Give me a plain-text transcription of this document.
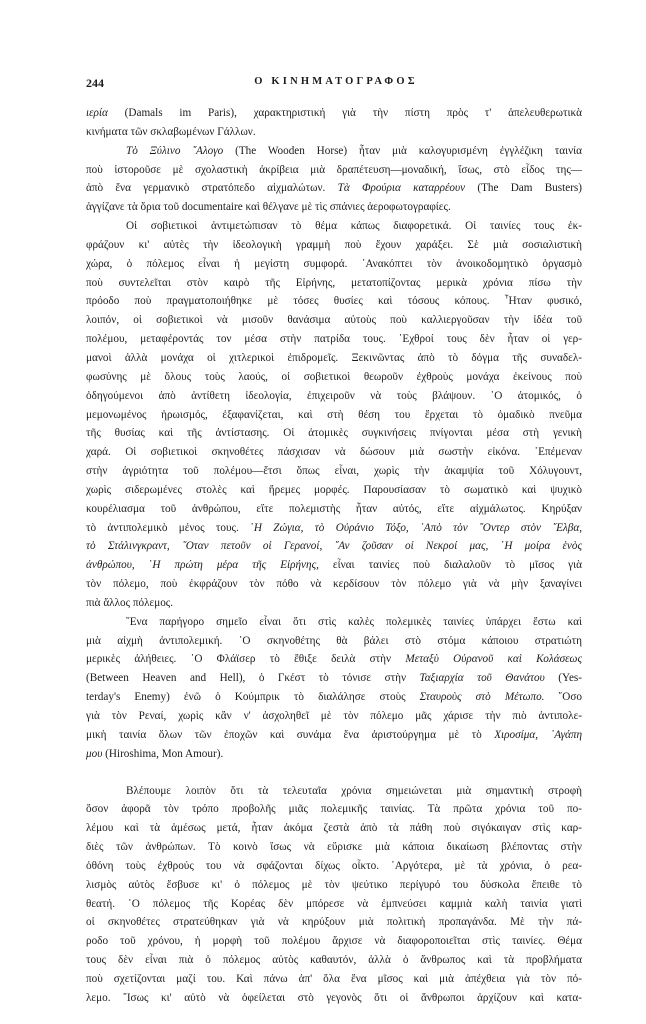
244	Ο ΚΙΝΗΜΑΤΟΓΡΑΦΟΣ
ιερία (Damals im Paris), χαρακτηριστική γιὰ τὴν πίστη πρὸς τ' ἀπελευθερωτικὰ
κινήματα τῶν σκλαβωμένων Γάλλων.
Τὸ Ξύλινο ῎Αλογο (The Wooden Horse) ἦταν μιὰ καλογυρισμένη ἐγγλέζικη ταινία
ποὺ ἱστοροῦσε μὲ σχολαστικὴ ἀκρίβεια μιὰ δραπέτευση—μοναδική, ἴσως, στὸ εἶδος της—
ἀπὸ ἕνα γερμανικὸ στρατόπεδο αἰχμαλώτων. Τὰ Φρούρια καταρρέουν (The Dam Busters)
ἀγγίζανε τὰ ὅρια τοῦ documentaire καὶ θέλγανε μὲ τὶς σπάνιες ἀεροφωτογραφίες.
Οἱ σοβιετικοὶ ἀντιμετώπισαν τὸ θέμα κάπως διαφορετικά. Οἱ ταινίες τους ἐκ-
φράζουν κι' αὐτὲς τὴν ἰδεολογικὴ γραμμὴ ποὺ ἔχουν χαράξει. Σὲ μιὰ σοσιαλιστικὴ
χώρα, ὁ πόλεμος εἶναι ἡ μεγίστη συμφορά. ᾿Ανακόπτει τὸν ἀνοικοδομητικὸ ὀργασμὸ
ποὺ συντελεῖται στὸν καιρὸ τῆς Εἰρήνης, μετατοπίζοντας μερικὰ χρόνια πίσω τὴν
πρόοδο ποὺ πραγματοποιήθηκε μὲ τόσες θυσίες καὶ τόσους κόπους. ῏Ηταν φυσικό,
λοιπόν, οἱ σοβιετικοὶ νὰ μισοῦν θανάσιμα αὐτοὺς ποὺ καλλιεργοῦσαν τὴν ἰδέα τοῦ
πολέμου, μεταφέροντάς τον μέσα στὴν πατρίδα τους. ᾿Εχθροί τους δὲν ἦταν οἱ γερ-
μανοὶ ἀλλὰ μονάχα οἱ χιτλερικοὶ ἐπιδρομεῖς. Ξεκινῶντας ἀπὸ τὸ δόγμα τῆς συναδελ-
φωσύνης μὲ ὅλους τοὺς λαούς, οἱ σοβιετικοὶ θεωροῦν ἐχθροὺς μονάχα ἐκείνους ποὺ
ὁδηγούμενοι ἀπὸ ἀντίθετη ἰδεολογία, ἐπιχειροῦν νὰ τοὺς βλάψουν. ῾Ο ἀτομικός, ὁ
μεμονωμένος ἡρωισμός, ἐξαφανίζεται, καὶ στὴ θέση του ἔρχεται τὸ ὁμαδικὸ πνεῦμα
τῆς θυσίας καὶ τῆς ἀντίστασης. Οἱ ἀτομικὲς συγκινήσεις πνίγονται μέσα στὴ γενικὴ
χαρά. Οἱ σοβιετικοὶ σκηνοθέτες πάσχισαν νὰ δώσουν μιὰ σωστὴν εἰκόνα. ᾿Επέμεναν
στὴν ἀγριότητα τοῦ πολέμου—ἔτσι ὅπως εἶναι, χωρὶς τὴν ἀκαμψία τοῦ Χόλυγουντ,
χωρὶς σιδερωμένες στολὲς καὶ ἤρεμες μορφές. Παρουσίασαν τὸ σωματικὸ καὶ ψυχικὸ
κουρέλιασμα τοῦ ἀνθρώπου, εἴτε πολεμιστὴς ἦταν αὐτός, εἴτε αἰχμάλωτος. Κηρύξαν
τὸ ἀντιπολεμικὸ μένος τους. ῾Η Ζώγια, τὸ Οὐράνιο Τόξο, ᾿Απὸ τὸν ῎Οντερ στὸν ῎Ελβα,
τὸ Στάλινγκραντ, ῞Οταν πετοῦν οἱ Γερανοί, ῎Αν ζοῦσαν οἱ Νεκροί μας, ῾Η μοίρα ἑνὸς
ἀνθρώπου, ῾Η πρώτη μέρα τῆς Εἰρήνης, εἶναι ταινίες ποὺ διαλαλοῦν τὸ μῖσος γιὰ
τὸν πόλεμο, ποὺ ἐκφράζουν τὸν πόθο νὰ κερδίσουν τὸν πόλεμο γιὰ νὰ μὴν ξαναγίνει
πιὰ ἄλλος πόλεμος.
῞Ενα παρήγορο σημεῖο εἶναι ὅτι στὶς καλὲς πολεμικὲς ταινίες ὑπάρχει ἔστω καὶ
μιὰ αἰχμὴ ἀντιπολεμική. ῾Ο σκηνοθέτης θὰ βάλει στὸ στόμα κάποιου στρατιώτη
μερικὲς ἀλήθειες. ῾Ο Φλάϊσερ τὸ ἔθιξε δειλὰ στὴν Μεταξὺ Οὐρανοῦ καὶ Κολάσεως
(Between Heaven and Hell), ὁ Γκέστ τὸ τόνισε στὴν Ταξιαρχία τοῦ Θανάτου (Yes-
terday's Enemy) ἐνῶ ὁ Κούμπρικ τὸ διαλάλησε στοὺς Σταυροὺς στὸ Μέτωπο. ῞Οσο
γιὰ τὸν Ρεναί, χωρὶς κἂν ν' ἀσχοληθεῖ μὲ τὸν πόλεμο μᾶς χάρισε τὴν πιὸ ἀντιπολε-
μικὴ ταινία ὅλων τῶν ἐποχῶν καὶ συνάμα ἕνα ἀριστούργημα μὲ τὸ Χιροσίμα, ᾿Αγάπη
μου (Hiroshima, Mon Amour).
Βλέπουμε λοιπὸν ὅτι τὰ τελευταῖα χρόνια σημειώνεται μιὰ σημαντικὴ στροφὴ
ὅσον ἀφορᾶ τὸν τρόπο προβολῆς μιᾶς πολεμικῆς ταινίας. Τὰ πρῶτα χρόνια τοῦ πο-
λέμου καὶ τὰ ἀμέσως μετά, ἦταν ἀκόμα ζεστὰ ἀπὸ τὰ πάθη ποὺ σιγόκαιγαν στὶς καρ-
διὲς τῶν ἀνθρώπων. Τὸ κοινὸ ἴσως νὰ εὕρισκε μιὰ κάποια δικαίωση βλέποντας στὴν
ὀθόνη τοὺς ἐχθρούς του νὰ σφάζονται δίχως οἶκτο. ᾿Αργότερα, μὲ τὰ χρόνια, ὁ ρεα-
λισμὸς αὐτὸς ἔσβυσε κι' ὁ πόλεμος μὲ τὸν ψεύτικο περίγυρό του δύσκολα ἔπειθε τὸ
θεατή. ῾Ο πόλεμος τῆς Κορέας δὲν μπόρεσε νὰ ἐμπνεύσει καμμιὰ καλὴ ταινία γιατὶ
οἱ σκηνοθέτες στρατεύθηκαν γιὰ νὰ κηρύξουν μιὰ πολιτικὴ προπαγάνδα. Μὲ τὴν πά-
ροδο τοῦ χρόνου, ἡ μορφὴ τοῦ πολέμου ἄρχισε νὰ διαφοροποιεῖται στὶς ταινίες. Θέμα
τους δὲν εἶναι πιὰ ὁ πόλεμος αὐτὸς καθαυτόν, ἀλλὰ ὁ ἄνθρωπος καὶ τὰ προβλήματα
ποὺ σχετίζονται μαζί του. Καὶ πάνω ἀπ' ὅλα ἕνα μῖσος καὶ μιὰ ἀπέχθεια γιὰ τὸν πό-
λεμο. ῎Ισως κι' αὐτὸ νὰ ὀφείλεται στὸ γεγονὸς ὅτι οἱ ἄνθρωποι ἀρχίζουν καὶ κατα-
